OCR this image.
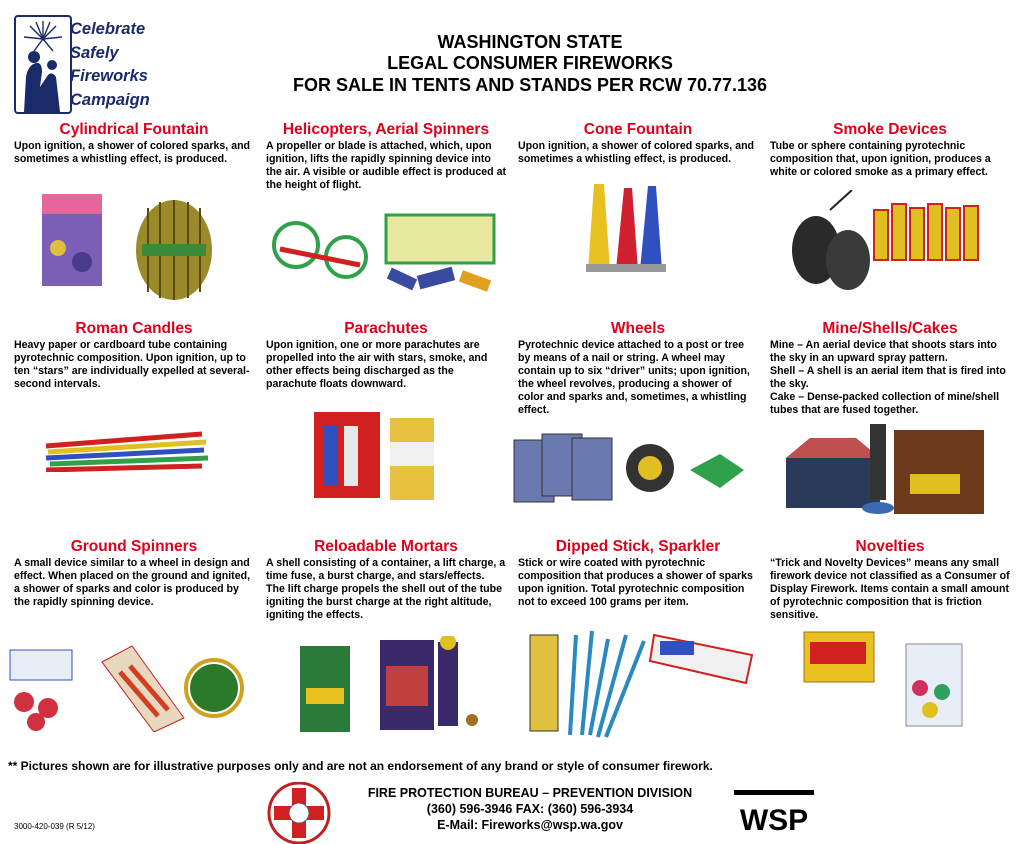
Celebrate
Safely
Fireworks
Campaign
WASHINGTON STATE
LEGAL CONSUMER FIREWORKS
FOR SALE IN TENTS AND STANDS PER RCW 70.77.136
Cylindrical Fountain
Upon ignition, a shower of colored sparks, and sometimes a whistling effect, is produced.
Helicopters, Aerial Spinners
A propeller or blade is attached, which, upon ignition, lifts the rapidly spinning device into the air. A visible or audible effect is produced at the height of flight.
Cone Fountain
Upon ignition, a shower of colored sparks, and sometimes a whistling effect, is produced.
Smoke Devices
Tube or sphere containing pyrotechnic composition that, upon ignition, produces a white or colored smoke as a primary effect.
Roman Candles
Heavy paper or cardboard tube containing pyrotechnic composition. Upon ignition, up to ten “stars” are individually expelled at several-second intervals.
Parachutes
Upon ignition, one or more parachutes are propelled into the air with stars, smoke, and other effects being discharged as the parachute floats downward.
Wheels
Pyrotechnic device attached to a post or tree by means of a nail or string. A wheel may contain up to six “driver” units; upon ignition, the wheel revolves, producing a shower of color and sparks and, sometimes, a whistling effect.
Mine/Shells/Cakes
Mine – An aerial device that shoots stars into the sky in an upward spray pattern.
Shell – A shell is an aerial item that is fired into the sky.
Cake – Dense-packed collection of mine/shell tubes that are fused together.
Ground Spinners
A small device similar to a wheel in design and effect. When placed on the ground and ignited, a shower of sparks and color is produced by the rapidly spinning device.
Reloadable Mortars
A shell consisting of a container, a lift charge, a time fuse, a burst charge, and stars/effects. The lift charge propels the shell out of the tube igniting the burst charge at the right altitude, igniting the effects.
Dipped Stick, Sparkler
Stick or wire coated with pyrotechnic composition that produces a shower of sparks upon ignition. Total pyrotechnic composition not to exceed 100 grams per item.
Novelties
“Trick and Novelty Devices” means any small firework device not classified as a Consumer of Display Firework. Items contain a small amount of pyrotechnic composition that is friction sensitive.
** Pictures shown are for illustrative purposes only and are not an endorsement of any brand or style of consumer firework.
FIRE PROTECTION BUREAU – PREVENTION DIVISION
(360) 596-3946 FAX: (360) 596-3934
E-Mail: Fireworks@wsp.wa.gov	WSP
3000-420-039 (R 5/12)
